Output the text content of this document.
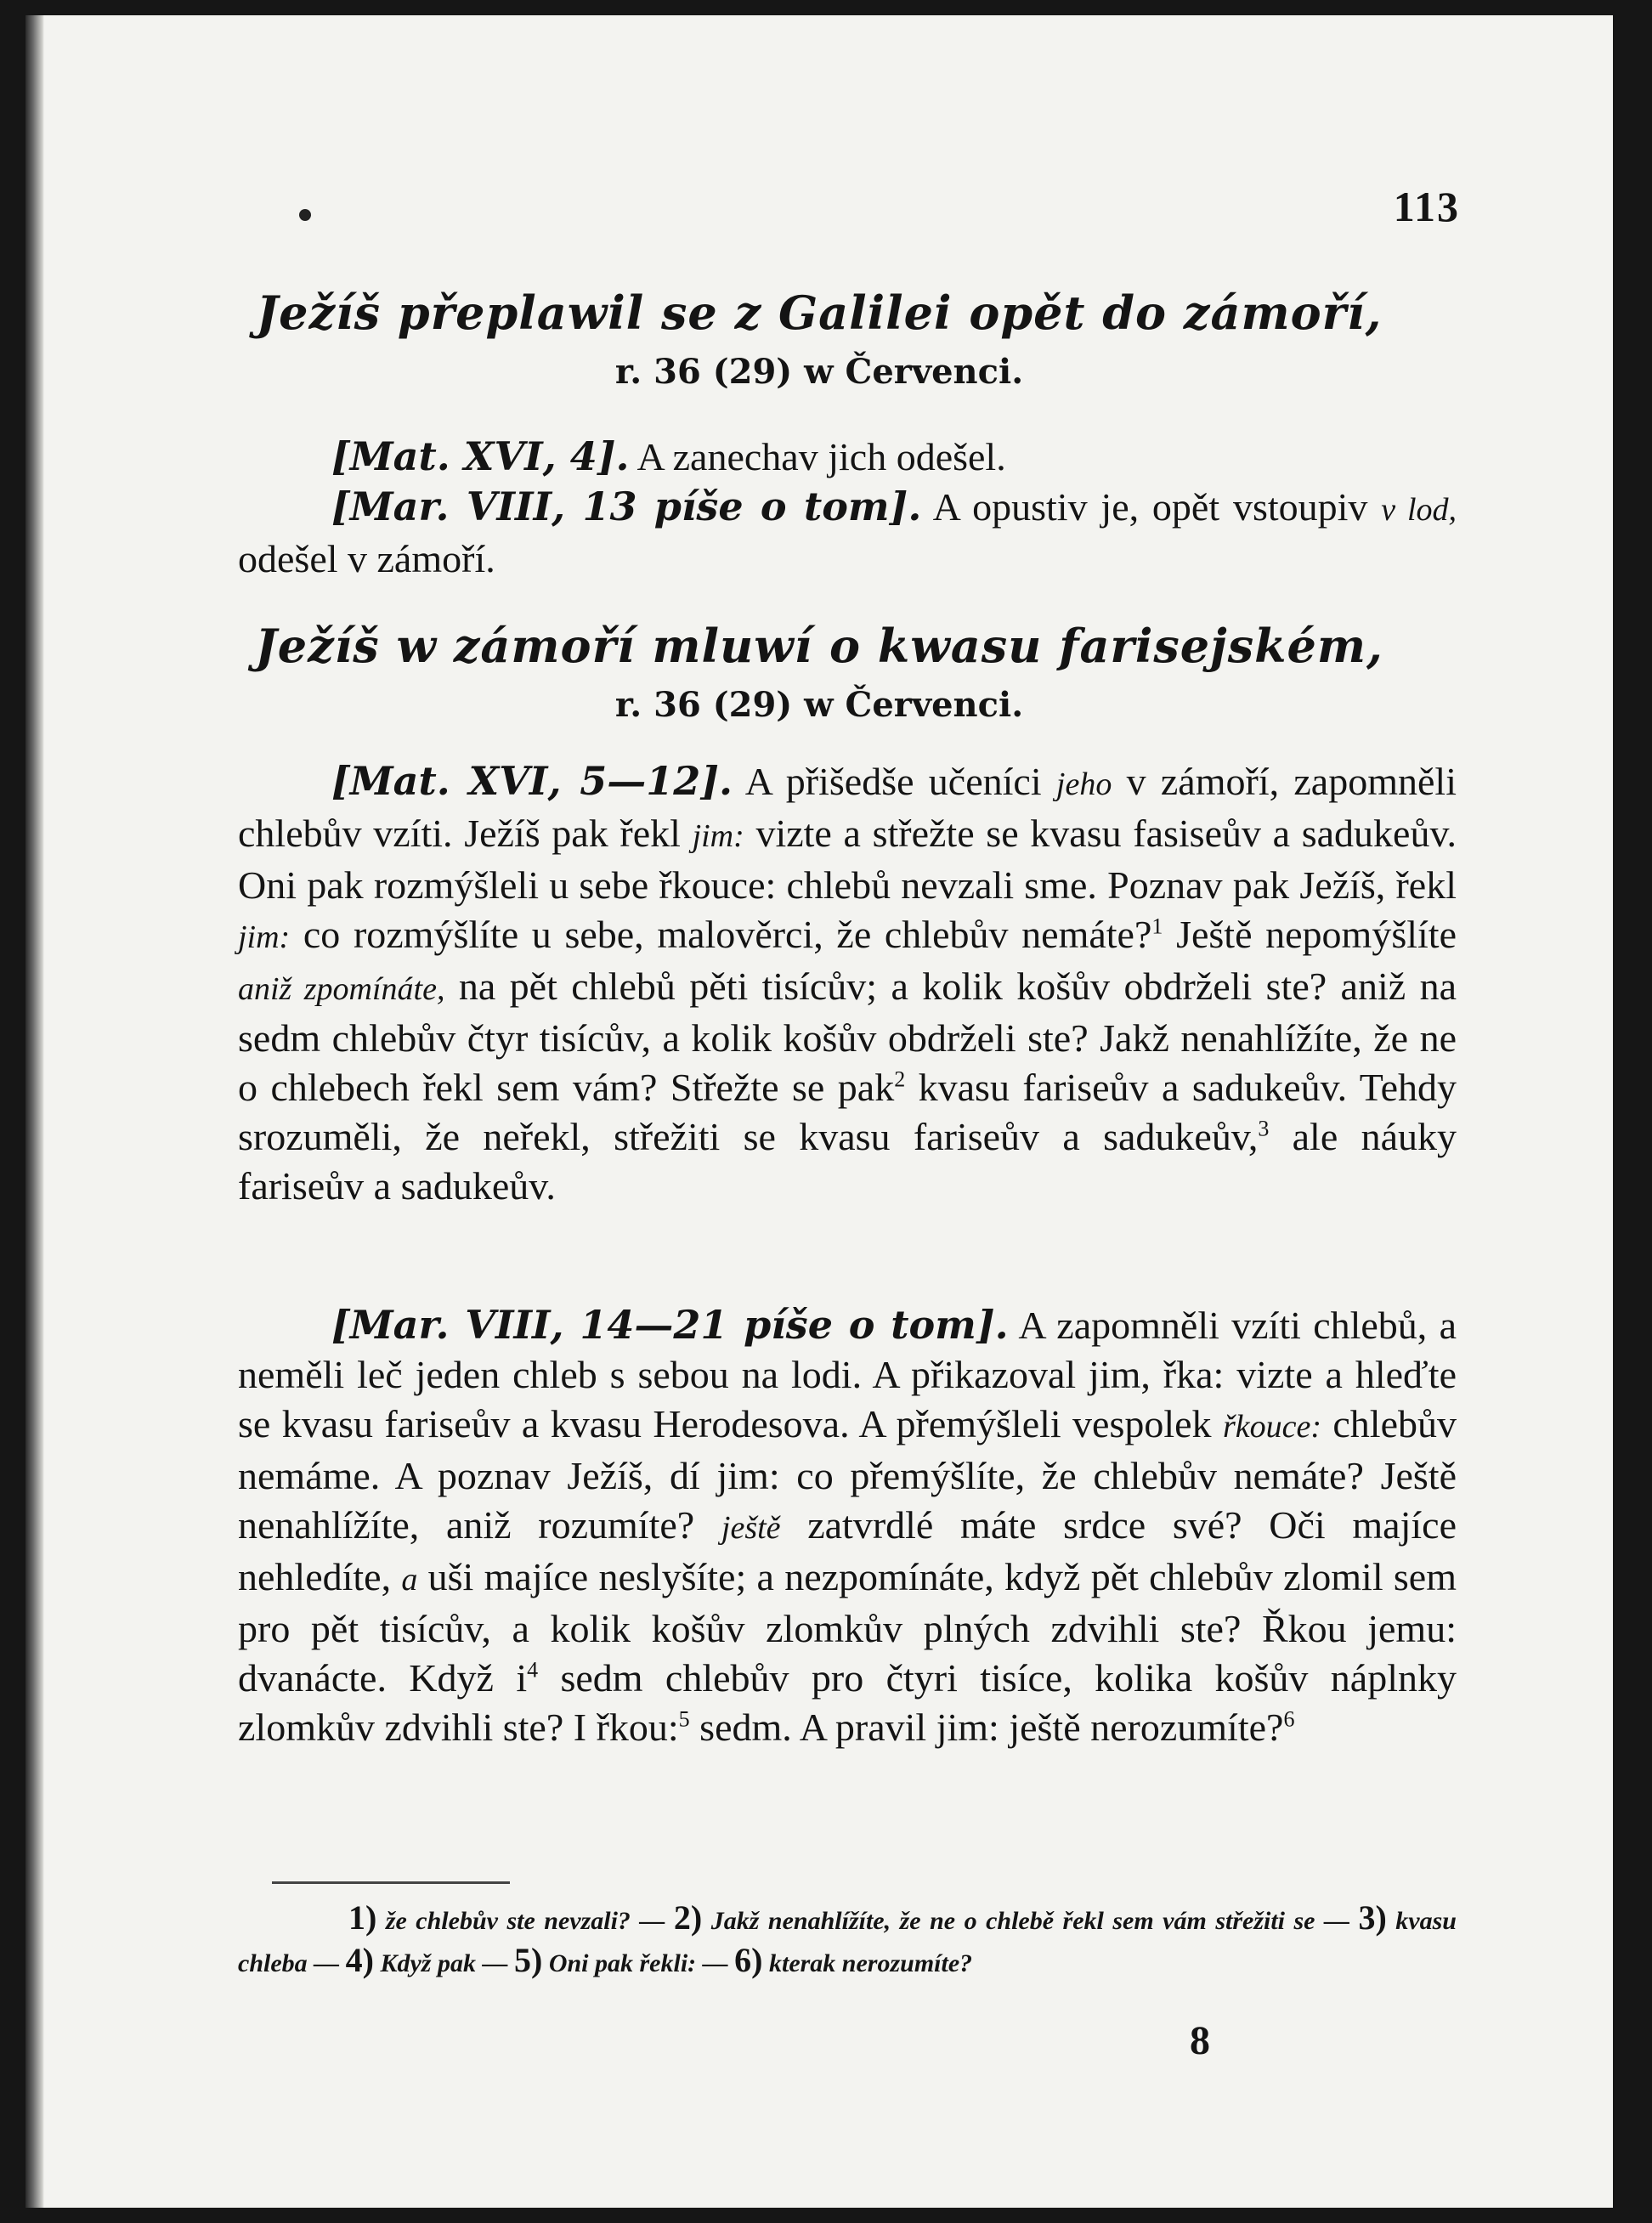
113
Ježíš přeplawil se z Galilei opět do zámoří,
r. 36 (29) w Červenci.

[Mat. XVI, 4]. A zanechav jich odešel.

[Mar. VIII, 13 píše o tom]. A opustiv je, opět vstoupiv v lod, odešel v zámoří.

Ježíš w zámoří mluwí o kwasu farisejském,
r. 36 (29) w Červenci.

[Mat. XVI, 5—12]. A přišedše učeníci jeho v zámoří, zapomněli chlebův vzíti. Ježíš pak řekl jim: vizte a střežte se kvasu fasiseův a sadukeův. Oni pak rozmýšleli u sebe řkouce: chlebů nevzali sme. Poznav pak Ježíš, řekl jim: co rozmýšlíte u sebe, malověrci, že chlebův nemáte?$^1$ Ještě nepomýšlíte aniž zpomínáte, na pět chlebů pěti tisícův; a kolik košův obdrželi ste? aniž na sedm chlebův čtyr tisícův, a kolik košův obdrželi ste? Jakž nenahlížíte, že ne o chlebech řekl sem vám? Střežte se pak$^2$ kvasu fariseův a sadukeův. Tehdy srozuměli, že neřekl, střežiti se kvasu fariseův a sadukeův,$^3$ ale náuky fariseův a sadukeův.

[Mar. VIII, 14—21 píše o tom]. A zapomněli vzíti chlebů, a neměli leč jeden chleb s sebou na lodi. A přikazoval jim, řka: vizte a hleďte se kvasu fariseův a kvasu Herodesova. A přemýšleli vespolek řkouce: chlebův nemáme. A poznav Ježíš, dí jim: co přemýšlíte, že chlebův nemáte? Ještě nenahlížíte, aniž rozumíte? ještě zatvrdlé máte srdce své? Oči majíce nehledíte, a uši majíce neslyšíte; a nezpomínáte, když pět chlebův zlomil sem pro pět tisícův, a kolik košův zlomkův plných zdvihli ste? Řkou jemu: dvanácte. Když $i^4$ sedm chlebův pro čtyri tisíce, kolika košův náplnky zlomkův zdvihli ste? I řkou:$^5$ sedm. A pravil jim: ještě nerozumíte?$^6$

1) že chlebův ste nevzali? — 2) Jakž nenahlížíte, že ne o chlebě řekl sem vám střežiti se — 3) kvasu chleba — 4) Když pak — 5) Oni pak řekli: — 6) kterak nerozumíte?

8
